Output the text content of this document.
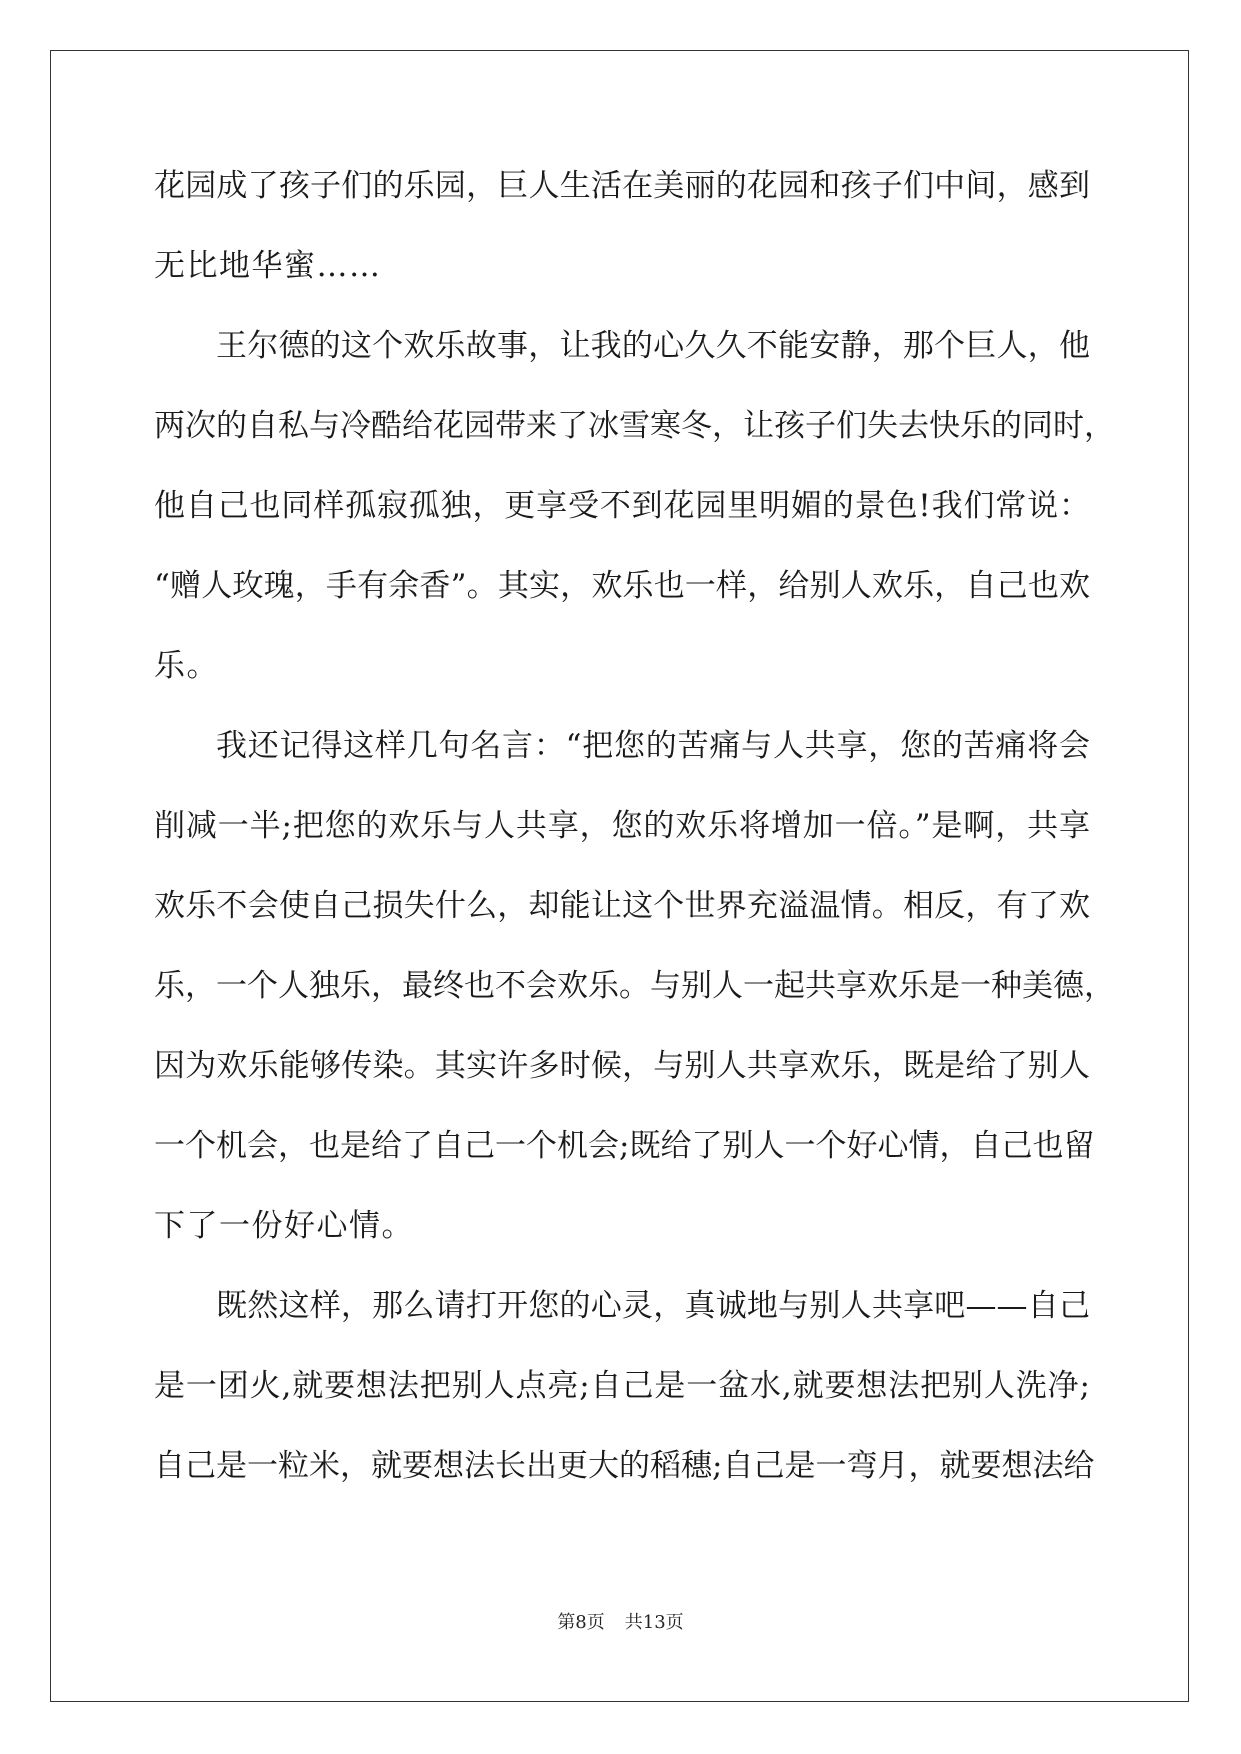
花园成了孩子们的乐园，巨人生活在美丽的花园和孩子们中间，感到
无比地华蜜……
王尔德的这个欢乐故事，让我的心久久不能安静，那个巨人，他
两次的自私与冷酷给花园带来了冰雪寒冬，让孩子们失去快乐的同时，
他自己也同样孤寂孤独，更享受不到花园里明媚的景色!我们常说：
“赠人玫瑰，手有余香”。其实，欢乐也一样，给别人欢乐，自己也欢
乐。
我还记得这样几句名言：“把您的苦痛与人共享，您的苦痛将会
削减一半;把您的欢乐与人共享，您的欢乐将增加一倍。”是啊，共享
欢乐不会使自己损失什么，却能让这个世界充溢温情。相反，有了欢
乐，一个人独乐，最终也不会欢乐。与别人一起共享欢乐是一种美德，
因为欢乐能够传染。其实许多时候，与别人共享欢乐，既是给了别人
一个机会，也是给了自己一个机会;既给了别人一个好心情，自己也留
下了一份好心情。
既然这样，那么请打开您的心灵，真诚地与别人共享吧——自己
是一团火,就要想法把别人点亮;自己是一盆水,就要想法把别人洗净;
自己是一粒米，就要想法长出更大的稻穗;自己是一弯月，就要想法给
第8页 共13页
